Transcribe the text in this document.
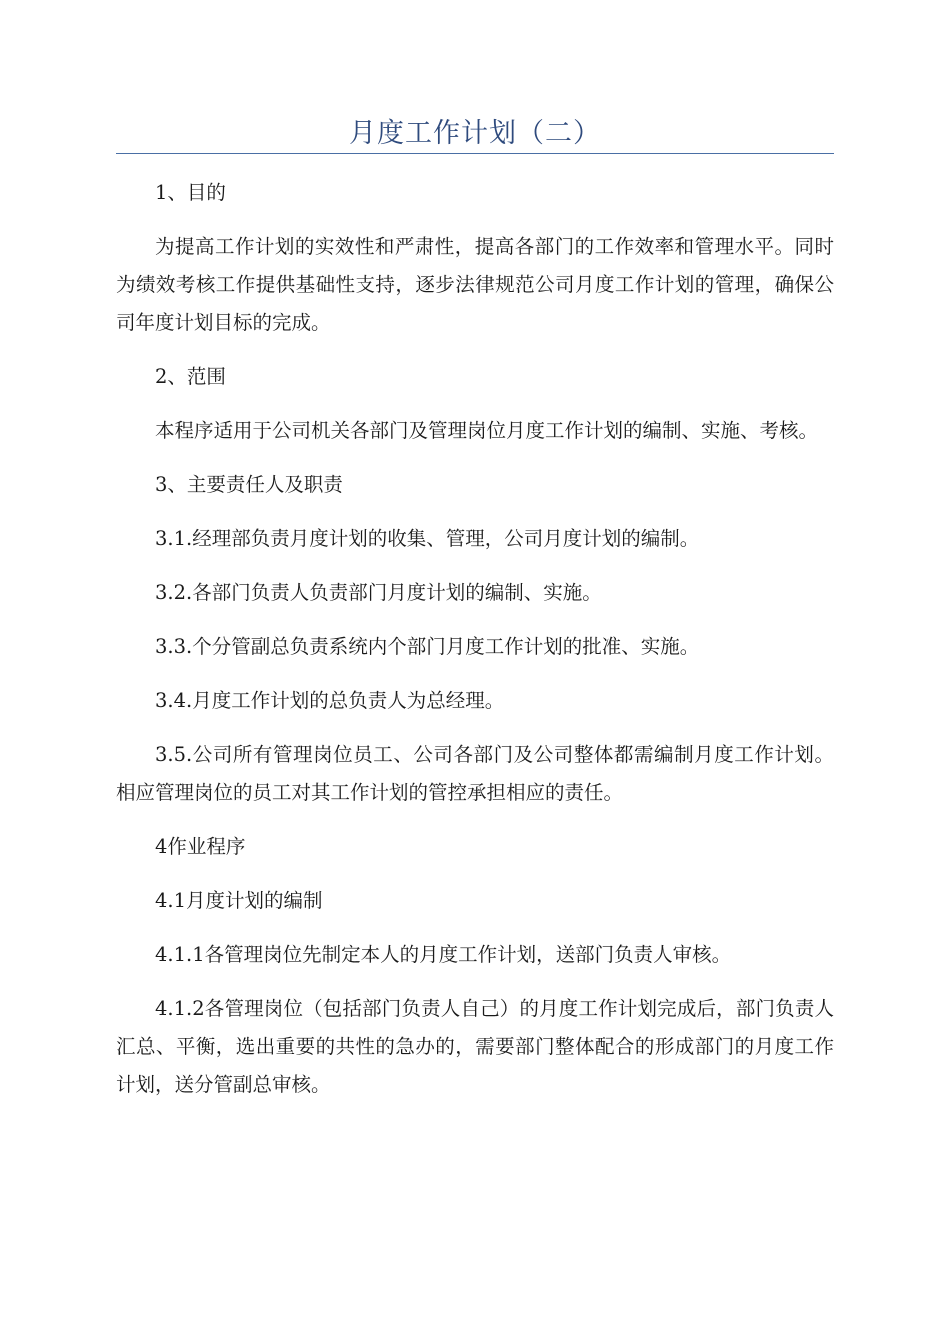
月度工作计划（二）

1、目的

为提高工作计划的实效性和严肃性，提高各部门的工作效率和管理水平。同时为绩效考核工作提供基础性支持，逐步法律规范公司月度工作计划的管理，确保公司年度计划目标的完成。

2、范围

本程序适用于公司机关各部门及管理岗位月度工作计划的编制、实施、考核。

3、主要责任人及职责

3.1.经理部负责月度计划的收集、管理，公司月度计划的编制。

3.2.各部门负责人负责部门月度计划的编制、实施。

3.3.个分管副总负责系统内个部门月度工作计划的批准、实施。

3.4.月度工作计划的总负责人为总经理。

3.5.公司所有管理岗位员工、公司各部门及公司整体都需编制月度工作计划。相应管理岗位的员工对其工作计划的管控承担相应的责任。

4作业程序

4.1月度计划的编制

4.1.1各管理岗位先制定本人的月度工作计划，送部门负责人审核。

4.1.2各管理岗位（包括部门负责人自己）的月度工作计划完成后，部门负责人汇总、平衡，选出重要的共性的急办的，需要部门整体配合的形成部门的月度工作计划，送分管副总审核。
